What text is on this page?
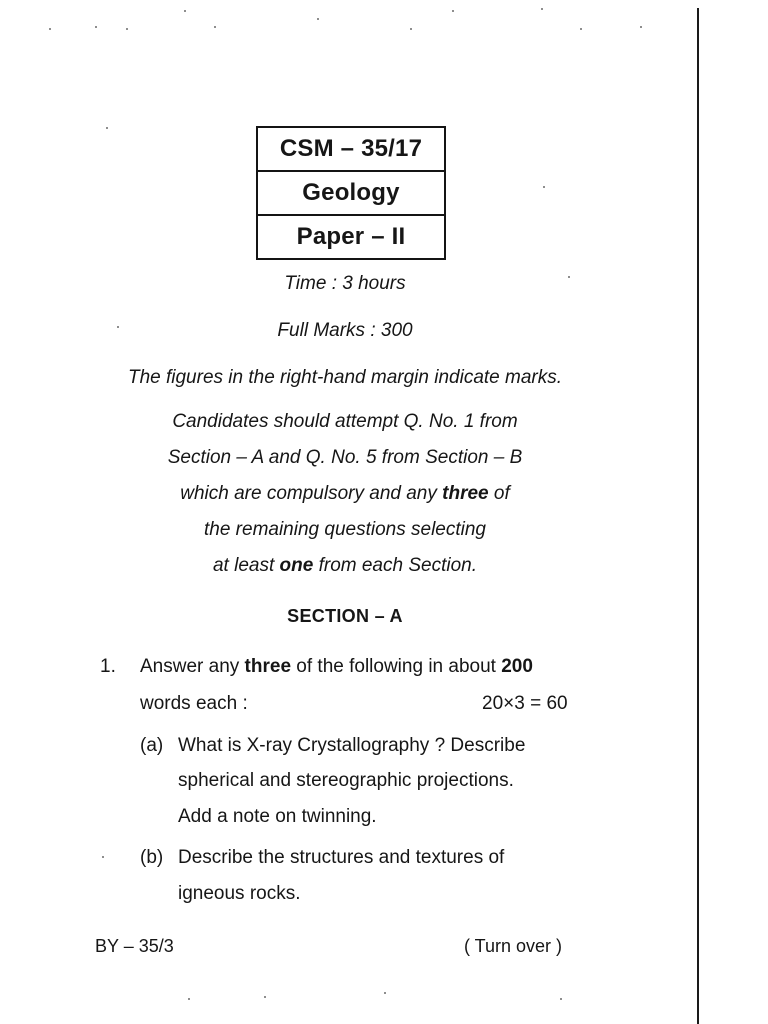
CSM – 35/17
Geology
Paper – II
Time : 3 hours
Full Marks : 300
The figures in the right-hand margin indicate marks.
Candidates should attempt Q. No. 1 from
Section – A and Q. No. 5 from Section – B
which are compulsory and any three of
the remaining questions selecting
at least one from each Section.
SECTION – A
1. Answer any three of the following in about 200
words each :	20×3 = 60
(a) What is X-ray Crystallography ? Describe
spherical and stereographic projections.
Add a note on twinning.
(b) Describe the structures and textures of
igneous rocks.
BY – 35/3	( Turn over )
